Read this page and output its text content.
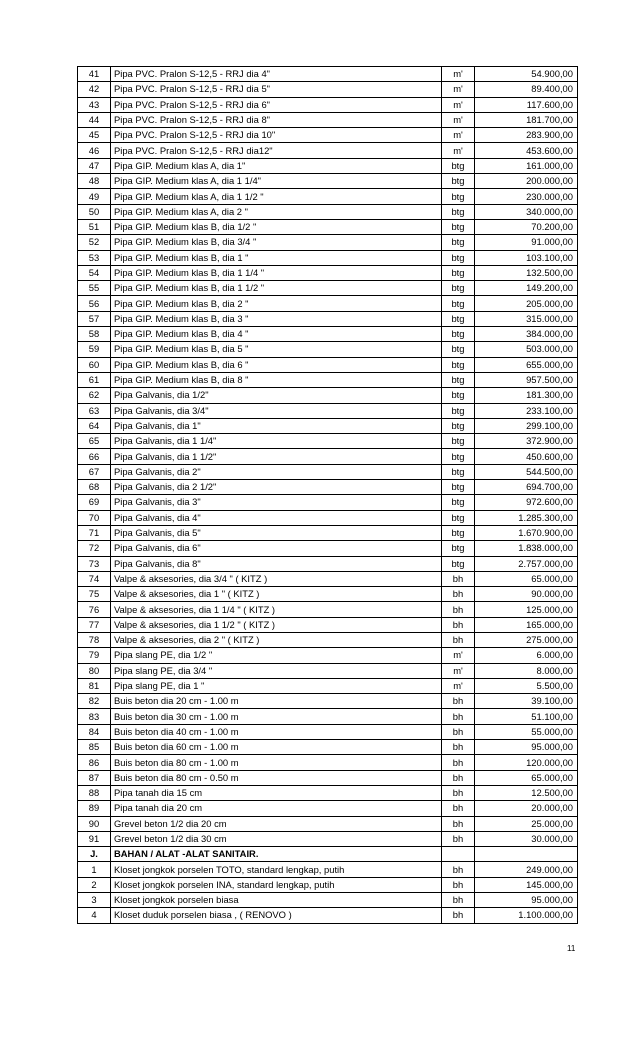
41	Pipa PVC. Pralon S-12,5 - RRJ dia 4"	m'	54.900,00
42	Pipa PVC. Pralon S-12,5 - RRJ dia 5"	m'	89.400,00
43	Pipa PVC. Pralon S-12,5 - RRJ dia 6"	m'	117.600,00
44	Pipa PVC. Pralon S-12,5 - RRJ dia 8"	m'	181.700,00
45	Pipa PVC. Pralon S-12,5 - RRJ dia 10"	m'	283.900,00
46	Pipa PVC. Pralon S-12,5 - RRJ dia12"	m'	453.600,00
47	Pipa GIP. Medium klas A, dia 1"	btg	161.000,00
48	Pipa GIP. Medium klas A, dia 1 1/4"	btg	200.000,00
49	Pipa GIP. Medium klas A, dia 1 1/2 "	btg	230.000,00
50	Pipa GIP. Medium klas A, dia 2 "	btg	340.000,00
51	Pipa GIP. Medium klas B, dia 1/2 "	btg	70.200,00
52	Pipa GIP. Medium klas B, dia 3/4 "	btg	91.000,00
53	Pipa GIP. Medium klas B, dia 1 "	btg	103.100,00
54	Pipa GIP. Medium klas B, dia 1 1/4 "	btg	132.500,00
55	Pipa GIP. Medium klas B, dia 1 1/2 "	btg	149.200,00
56	Pipa GIP. Medium klas B, dia 2 "	btg	205.000,00
57	Pipa GIP. Medium klas B, dia 3 "	btg	315.000,00
58	Pipa GIP. Medium klas B, dia 4 "	btg	384.000,00
59	Pipa GIP. Medium klas B, dia 5 "	btg	503.000,00
60	Pipa GIP. Medium klas B, dia 6 "	btg	655.000,00
61	Pipa GIP. Medium klas B, dia 8 "	btg	957.500,00
62	Pipa Galvanis, dia 1/2"	btg	181.300,00
63	Pipa Galvanis, dia 3/4"	btg	233.100,00
64	Pipa Galvanis, dia 1"	btg	299.100,00
65	Pipa Galvanis, dia 1 1/4"	btg	372.900,00
66	Pipa Galvanis, dia 1 1/2"	btg	450.600,00
67	Pipa Galvanis, dia 2"	btg	544.500,00
68	Pipa Galvanis, dia 2 1/2"	btg	694.700,00
69	Pipa Galvanis, dia 3"	btg	972.600,00
70	Pipa Galvanis, dia 4"	btg	1.285.300,00
71	Pipa Galvanis, dia 5"	btg	1.670.900,00
72	Pipa Galvanis, dia 6"	btg	1.838.000,00
73	Pipa Galvanis, dia 8"	btg	2.757.000,00
74	Valpe & aksesories, dia 3/4 " ( KITZ )	bh	65.000,00
75	Valpe & aksesories, dia 1 " ( KITZ )	bh	90.000,00
76	Valpe & aksesories, dia 1 1/4 " ( KITZ )	bh	125.000,00
77	Valpe & aksesories, dia 1 1/2 " ( KITZ )	bh	165.000,00
78	Valpe & aksesories, dia 2 " ( KITZ )	bh	275.000,00
79	Pipa slang PE, dia 1/2 "	m'	6.000,00
80	Pipa slang PE, dia 3/4 "	m'	8.000,00
81	Pipa slang PE, dia 1 "	m'	5.500,00
82	Buis beton dia 20 cm - 1.00 m	bh	39.100,00
83	Buis beton dia 30 cm - 1.00 m	bh	51.100,00
84	Buis beton dia 40 cm - 1.00 m	bh	55.000,00
85	Buis beton dia 60 cm - 1.00 m	bh	95.000,00
86	Buis beton dia 80 cm - 1.00 m	bh	120.000,00
87	Buis beton dia 80 cm - 0.50 m	bh	65.000,00
88	Pipa tanah dia 15 cm	bh	12.500,00
89	Pipa tanah dia 20 cm	bh	20.000,00
90	Grevel beton 1/2 dia 20 cm	bh	25.000,00
91	Grevel beton 1/2 dia 30 cm	bh	30.000,00
J.	BAHAN / ALAT -ALAT SANITAIR.		
1	Kloset jongkok porselen TOTO, standard lengkap, putih	bh	249.000,00
2	Kloset jongkok porselen INA, standard lengkap, putih	bh	145.000,00
3	Kloset jongkok porselen biasa	bh	95.000,00
4	Kloset duduk porselen biasa , ( RENOVO )	bh	1.100.000,00
11
